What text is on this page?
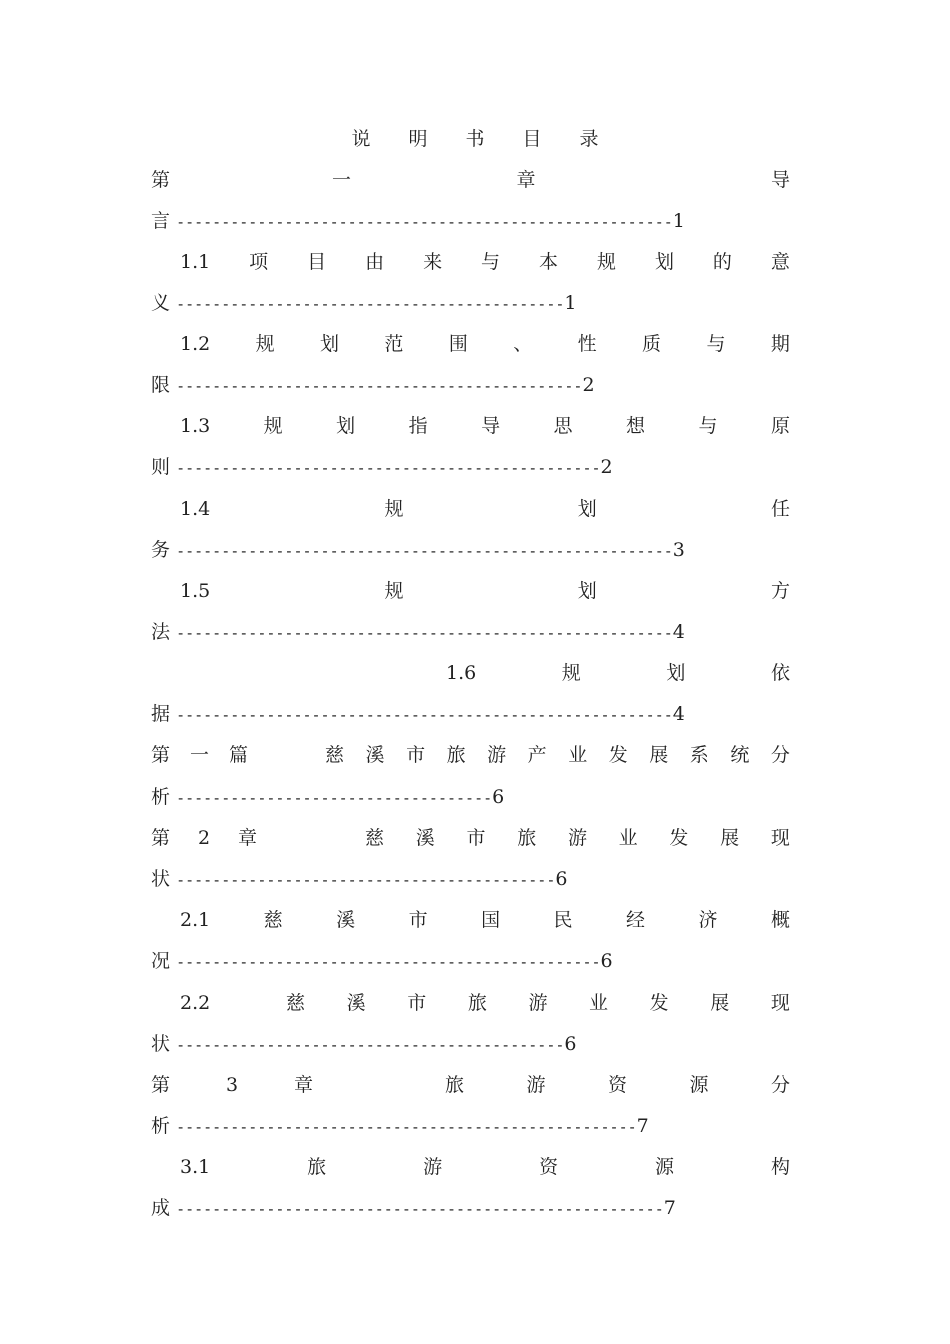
说 明 书 目 录
第	一	章	导
言 -------------------------------------------------------1
1.1 项 目 由 来 与 本 规 划 的 意
义 -------------------------------------------1
1.2 规 划 范 围 、 性 质 与 期
限 ---------------------------------------------2
1.3	规	划	指	导	思	想	与	原
则 -----------------------------------------------2
1.4	规	划	任
务 -------------------------------------------------------3
1.5	规	划	方
法 -------------------------------------------------------4
1.6	规	划	依
据 -------------------------------------------------------4
第 一 篇	慈 溪 市 旅 游 产 业 发 展 系 统 分
析 -----------------------------------6
第 2 章	慈 溪 市 旅 游 业 发 展 现
状 ------------------------------------------6
2.1	慈	溪	市	国	民	经	济	概
况 -----------------------------------------------6
2.2	慈 溪 市 旅 游 业 发 展 现
状 -------------------------------------------6
第	3	章	旅	游	资	源	分
析 ---------------------------------------------------7
3.1	旅	游	资	源	构
成 ------------------------------------------------------7
